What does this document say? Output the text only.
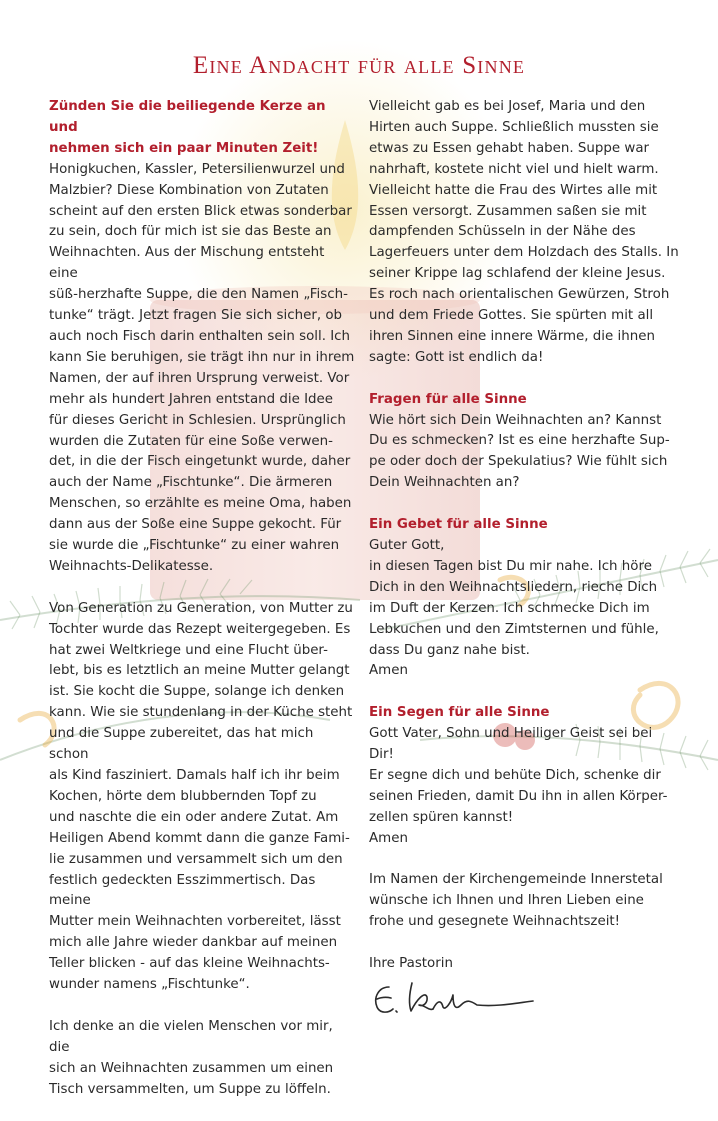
Eine Andacht für alle Sinne
Zünden Sie die beiliegende Kerze an und
nehmen sich ein paar Minuten Zeit!

Honigkuchen, Kassler, Petersilienwurzel und
Malzbier? Diese Kombination von Zutaten
scheint auf den ersten Blick etwas sonderbar
zu sein, doch für mich ist sie das Beste an
Weihnachten. Aus der Mischung entsteht eine
süß-herzhafte Suppe, die den Namen „Fisch-
tunke“ trägt. Jetzt fragen Sie sich sicher, ob
auch noch Fisch darin enthalten sein soll. Ich
kann Sie beruhigen, sie trägt ihn nur in ihrem
Namen, der auf ihren Ursprung verweist. Vor
mehr als hundert Jahren entstand die Idee
für dieses Gericht in Schlesien. Ursprünglich
wurden die Zutaten für eine Soße verwen-
det, in die der Fisch eingetunkt wurde, daher
auch der Name „Fischtunke“. Die ärmeren
Menschen, so erzählte es meine Oma, haben
dann aus der Soße eine Suppe gekocht. Für
sie wurde die „Fischtunke“ zu einer wahren
Weihnachts-Delikatesse.

Von Generation zu Generation, von Mutter zu
Tochter wurde das Rezept weitergegeben. Es
hat zwei Weltkriege und eine Flucht über-
lebt, bis es letztlich an meine Mutter gelangt
ist. Sie kocht die Suppe, solange ich denken
kann. Wie sie stundenlang in der Küche steht
und die Suppe zubereitet, das hat mich schon
als Kind fasziniert. Damals half ich ihr beim
Kochen, hörte dem blubbernden Topf zu
und naschte die ein oder andere Zutat. Am
Heiligen Abend kommt dann die ganze Fami-
lie zusammen und versammelt sich um den
festlich gedeckten Esszimmertisch. Das meine
Mutter mein Weihnachten vorbereitet, lässt
mich alle Jahre wieder dankbar auf meinen
Teller blicken - auf das kleine Weihnachts-
wunder namens „Fischtunke“.

Ich denke an die vielen Menschen vor mir, die
sich an Weihnachten zusammen um einen
Tisch versammelten, um Suppe zu löffeln.

Vielleicht gab es bei Josef, Maria und den
Hirten auch Suppe. Schließlich mussten sie
etwas zu Essen gehabt haben. Suppe war
nahrhaft, kostete nicht viel und hielt warm.
Vielleicht hatte die Frau des Wirtes alle mit
Essen versorgt. Zusammen saßen sie mit
dampfenden Schüsseln in der Nähe des
Lagerfeuers unter dem Holzdach des Stalls. In
seiner Krippe lag schlafend der kleine Jesus.
Es roch nach orientalischen Gewürzen, Stroh
und dem Friede Gottes. Sie spürten mit all
ihren Sinnen eine innere Wärme, die ihnen
sagte: Gott ist endlich da!

Fragen für alle Sinne

Wie hört sich Dein Weihnachten an? Kannst
Du es schmecken? Ist es eine herzhafte Sup-
pe oder doch der Spekulatius? Wie fühlt sich
Dein Weihnachten an?

Ein Gebet für alle Sinne

Guter Gott,
in diesen Tagen bist Du mir nahe. Ich höre
Dich in den Weihnachtsliedern, rieche Dich
im Duft der Kerzen. Ich schmecke Dich im
Lebkuchen und den Zimtsternen und fühle,
dass Du ganz nahe bist.
Amen

Ein Segen für alle Sinne

Gott Vater, Sohn und Heiliger Geist sei bei Dir!
Er segne dich und behüte Dich, schenke dir
seinen Frieden, damit Du ihn in allen Körper-
zellen spüren kannst!
Amen

Im Namen der Kirchengemeinde Innerstetal
wünsche ich Ihnen und Ihren Lieben eine
frohe und gesegnete Weihnachtszeit!

Ihre Pastorin
